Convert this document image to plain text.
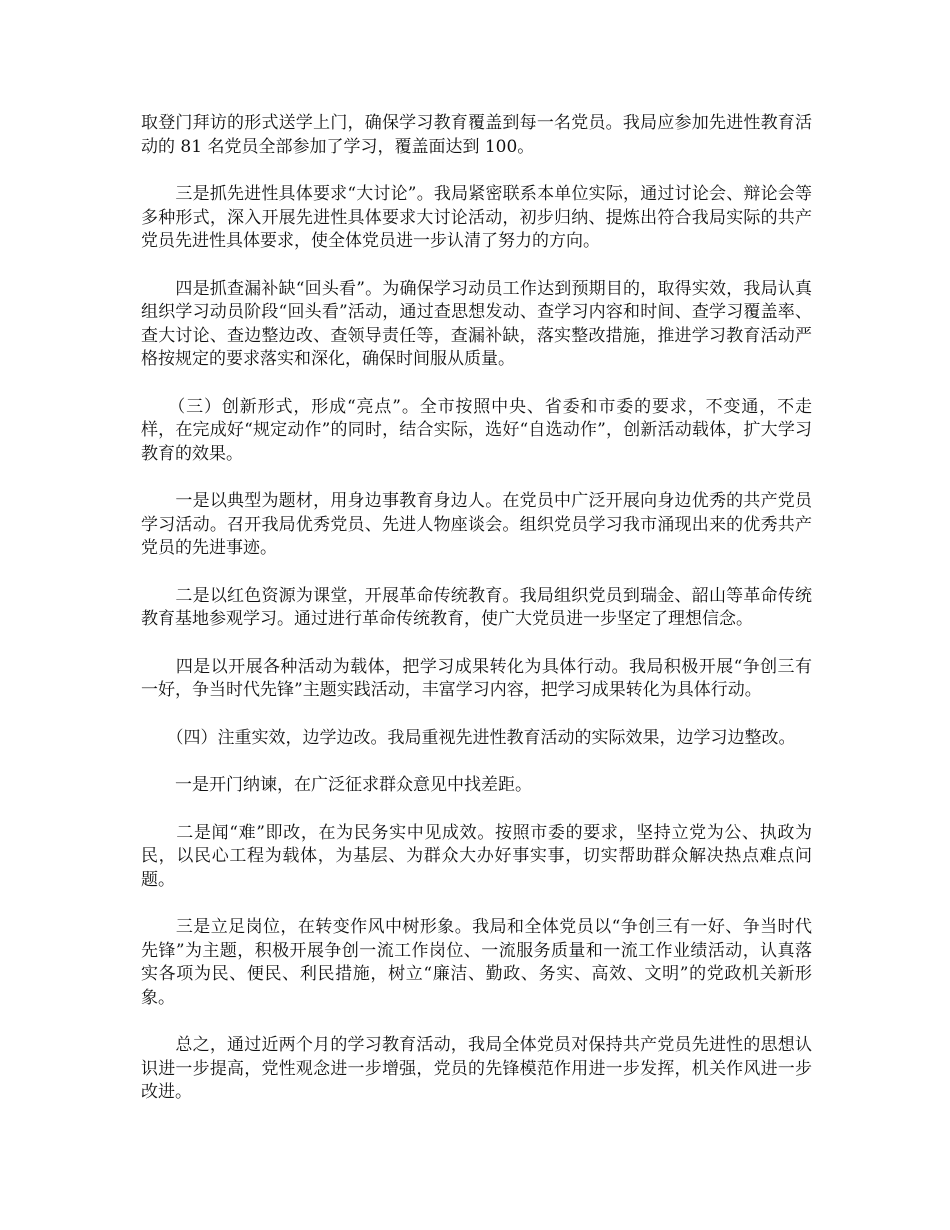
取登门拜访的形式送学上门，确保学习教育覆盖到每一名党员。我局应参加先进性教育活动的 81 名党员全部参加了学习，覆盖面达到 100。

　　三是抓先进性具体要求“大讨论”。我局紧密联系本单位实际，通过讨论会、辩论会等多种形式，深入开展先进性具体要求大讨论活动，初步归纳、提炼出符合我局实际的共产党员先进性具体要求，使全体党员进一步认清了努力的方向。

　　四是抓查漏补缺“回头看”。为确保学习动员工作达到预期目的，取得实效，我局认真组织学习动员阶段“回头看”活动，通过查思想发动、查学习内容和时间、查学习覆盖率、查大讨论、查边整边改、查领导责任等，查漏补缺，落实整改措施，推进学习教育活动严格按规定的要求落实和深化，确保时间服从质量。

　　（三）创新形式，形成“亮点”。全市按照中央、省委和市委的要求，不变通，不走样，在完成好“规定动作”的同时，结合实际，选好“自选动作”，创新活动载体，扩大学习教育的效果。

　　一是以典型为题材，用身边事教育身边人。在党员中广泛开展向身边优秀的共产党员学习活动。召开我局优秀党员、先进人物座谈会。组织党员学习我市涌现出来的优秀共产党员的先进事迹。

　　二是以红色资源为课堂，开展革命传统教育。我局组织党员到瑞金、韶山等革命传统教育基地参观学习。通过进行革命传统教育，使广大党员进一步坚定了理想信念。

　　四是以开展各种活动为载体，把学习成果转化为具体行动。我局积极开展“争创三有一好，争当时代先锋”主题实践活动，丰富学习内容，把学习成果转化为具体行动。

　　（四）注重实效，边学边改。我局重视先进性教育活动的实际效果，边学习边整改。

　　一是开门纳谏，在广泛征求群众意见中找差距。

　　二是闻“难”即改，在为民务实中见成效。按照市委的要求，坚持立党为公、执政为民，以民心工程为载体，为基层、为群众大办好事实事，切实帮助群众解决热点难点问题。

　　三是立足岗位，在转变作风中树形象。我局和全体党员以“争创三有一好、争当时代先锋”为主题，积极开展争创一流工作岗位、一流服务质量和一流工作业绩活动，认真落实各项为民、便民、利民措施，树立“廉洁、勤政、务实、高效、文明”的党政机关新形象。

　　总之，通过近两个月的学习教育活动，我局全体党员对保持共产党员先进性的思想认识进一步提高，党性观念进一步增强，党员的先锋模范作用进一步发挥，机关作风进一步改进。
